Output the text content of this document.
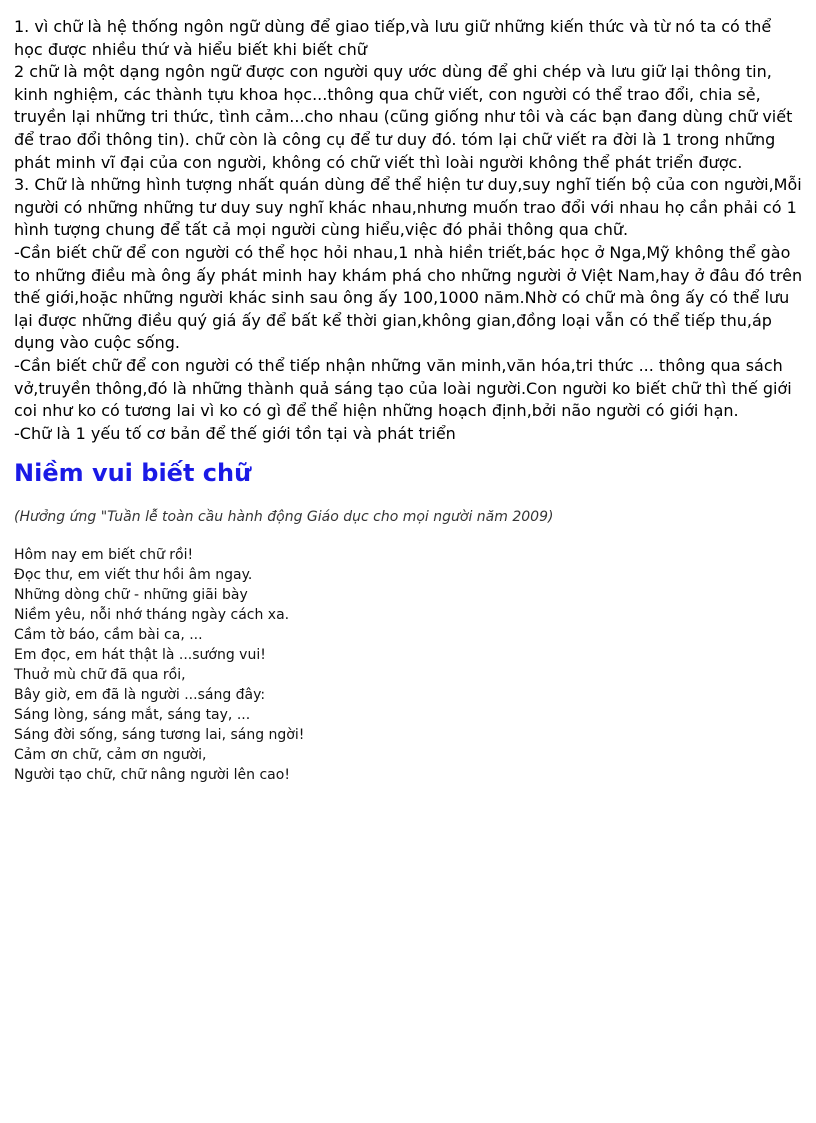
1. vì chữ là hệ thống ngôn ngữ dùng để giao tiếp,và lưu giữ những kiến thức và từ nó ta có thể học được nhiều thứ và hiểu biết khi biết chữ

2 chữ là một dạng ngôn ngữ được con người quy ước dùng để ghi chép và lưu giữ lại thông tin, kinh nghiệm, các thành tựu khoa học...thông qua chữ viết, con người có thể trao đổi, chia sẻ, truyền lại những tri thức, tình cảm...cho nhau (cũng giống như tôi và các bạn đang dùng chữ viết để trao đổi thông tin). chữ còn là công cụ để tư duy đó. tóm lại chữ viết ra đời là 1 trong những phát minh vĩ đại của con người, không có chữ viết thì loài người không thể phát triển được.

3. Chữ là những hình tượng nhất quán dùng để thể hiện tư duy,suy nghĩ tiến bộ của con người,Mỗi người có những những tư duy suy nghĩ khác nhau,nhưng muốn trao đổi với nhau họ cần phải có 1 hình tượng chung để tất cả mọi người cùng hiểu,việc đó phải thông qua chữ.

-Cần biết chữ để con người có thể học hỏi nhau,1 nhà hiền triết,bác học ở Nga,Mỹ không thể gào to những điều mà ông ấy phát minh hay khám phá cho những người ở Việt Nam,hay ở đâu đó trên thế giới,hoặc những người khác sinh sau ông ấy 100,1000 năm.Nhờ có chữ mà ông ấy có thể lưu lại được những điều quý giá ấy để bất kể thời gian,không gian,đồng loại vẫn có thể tiếp thu,áp dụng vào cuộc sống.

-Cần biết chữ để con người có thể tiếp nhận những văn minh,văn hóa,tri thức ... thông qua sách vở,truyền thông,đó là những thành quả sáng tạo của loài người.Con người ko biết chữ thì thế giới coi như ko có tương lai vì ko có gì để thể hiện những hoạch định,bởi não người có giới hạn.

-Chữ là 1 yếu tố cơ bản để thế giới tồn tại và phát triển

Niềm vui biết chữ
(Hưởng ứng "Tuần lễ toàn cầu hành động Giáo dục cho mọi người năm 2009)
Hôm nay em biết chữ rồi!
Đọc thư, em viết thư hồi âm ngay.
Những dòng chữ - những giãi bày
Niềm yêu, nỗi nhớ tháng ngày cách xa.
Cầm tờ báo, cầm bài ca, ...
Em đọc, em hát thật là ...sướng vui!
Thuở mù chữ đã qua rồi,
Bây giờ, em đã là người ...sáng đây:
Sáng lòng, sáng mắt, sáng tay, ...
Sáng đời sống, sáng tương lai, sáng ngời!
Cảm ơn chữ, cảm ơn người,
Người tạo chữ, chữ nâng người lên cao!
